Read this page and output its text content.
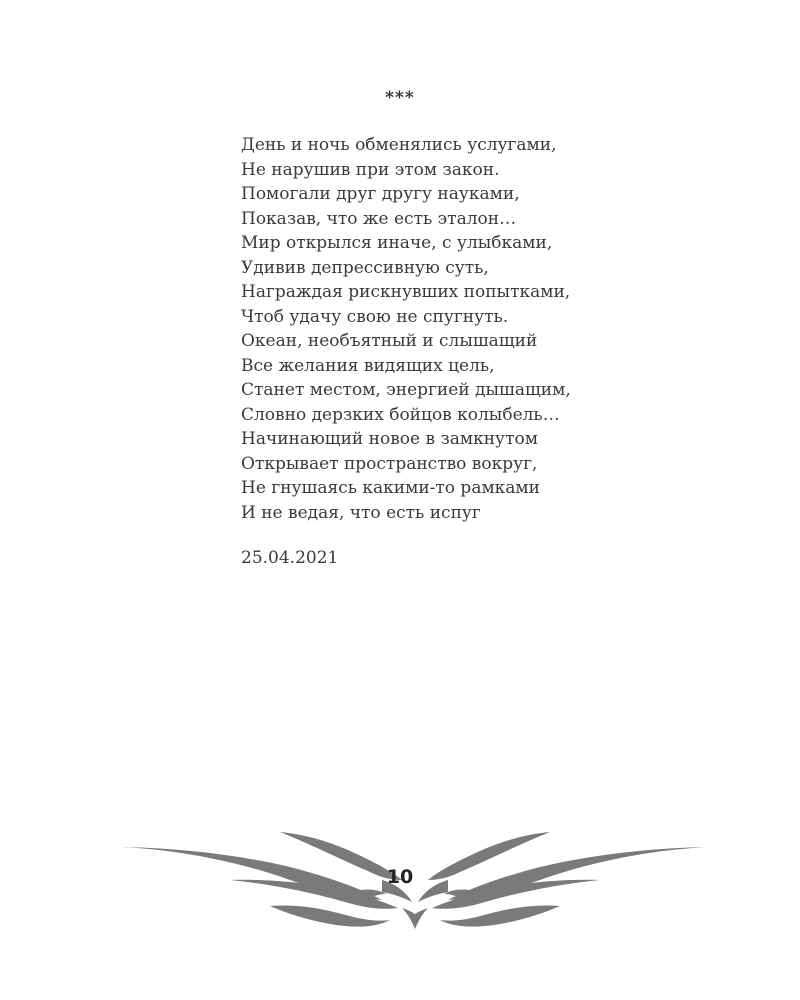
***
День и ночь обменялись услугами,
Не нарушив при этом закон.
Помогали друг другу науками,
Показав, что же есть эталон…
Мир открылся иначе, с улыбками,
Удивив депрессивную суть,
Награждая рискнувших попытками,
Чтоб удачу свою не спугнуть.
Океан, необъятный и слышащий
Все желания видящих цель,
Станет местом, энергией дышащим,
Словно дерзких бойцов колыбель…
Начинающий новое в замкнутом
Открывает пространство вокруг,
Не гнушаясь какими-то рамками
И не ведая, что есть испуг
25.04.2021
10
